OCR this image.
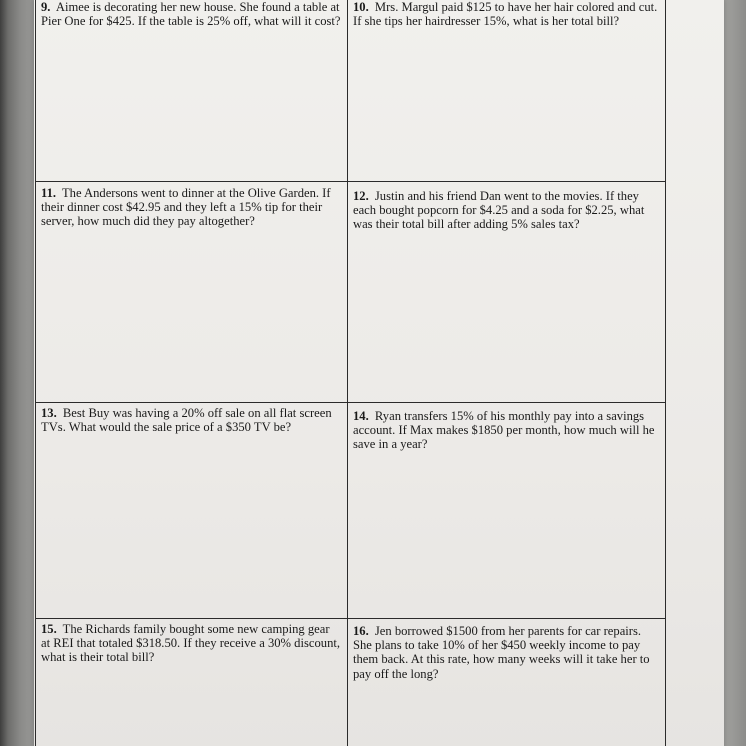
9. Aimee is decorating her new house. She found a table at Pier One for $425. If the table is 25% off, what will it cost?
10. Mrs. Margul paid $125 to have her hair colored and cut. If she tips her hairdresser 15%, what is her total bill?
11. The Andersons went to dinner at the Olive Garden. If their dinner cost $42.95 and they left a 15% tip for their server, how much did they pay altogether?
12. Justin and his friend Dan went to the movies. If they each bought popcorn for $4.25 and a soda for $2.25, what was their total bill after adding 5% sales tax?
13. Best Buy was having a 20% off sale on all flat screen TVs. What would the sale price of a $350 TV be?
14. Ryan transfers 15% of his monthly pay into a savings account. If Max makes $1850 per month, how much will he save in a year?
15. The Richards family bought some new camping gear at REI that totaled $318.50. If they receive a 30% discount, what is their total bill?
16. Jen borrowed $1500 from her parents for car repairs. She plans to take 10% of her $450 weekly income to pay them back. At this rate, how many weeks will it take her to pay off the long?
